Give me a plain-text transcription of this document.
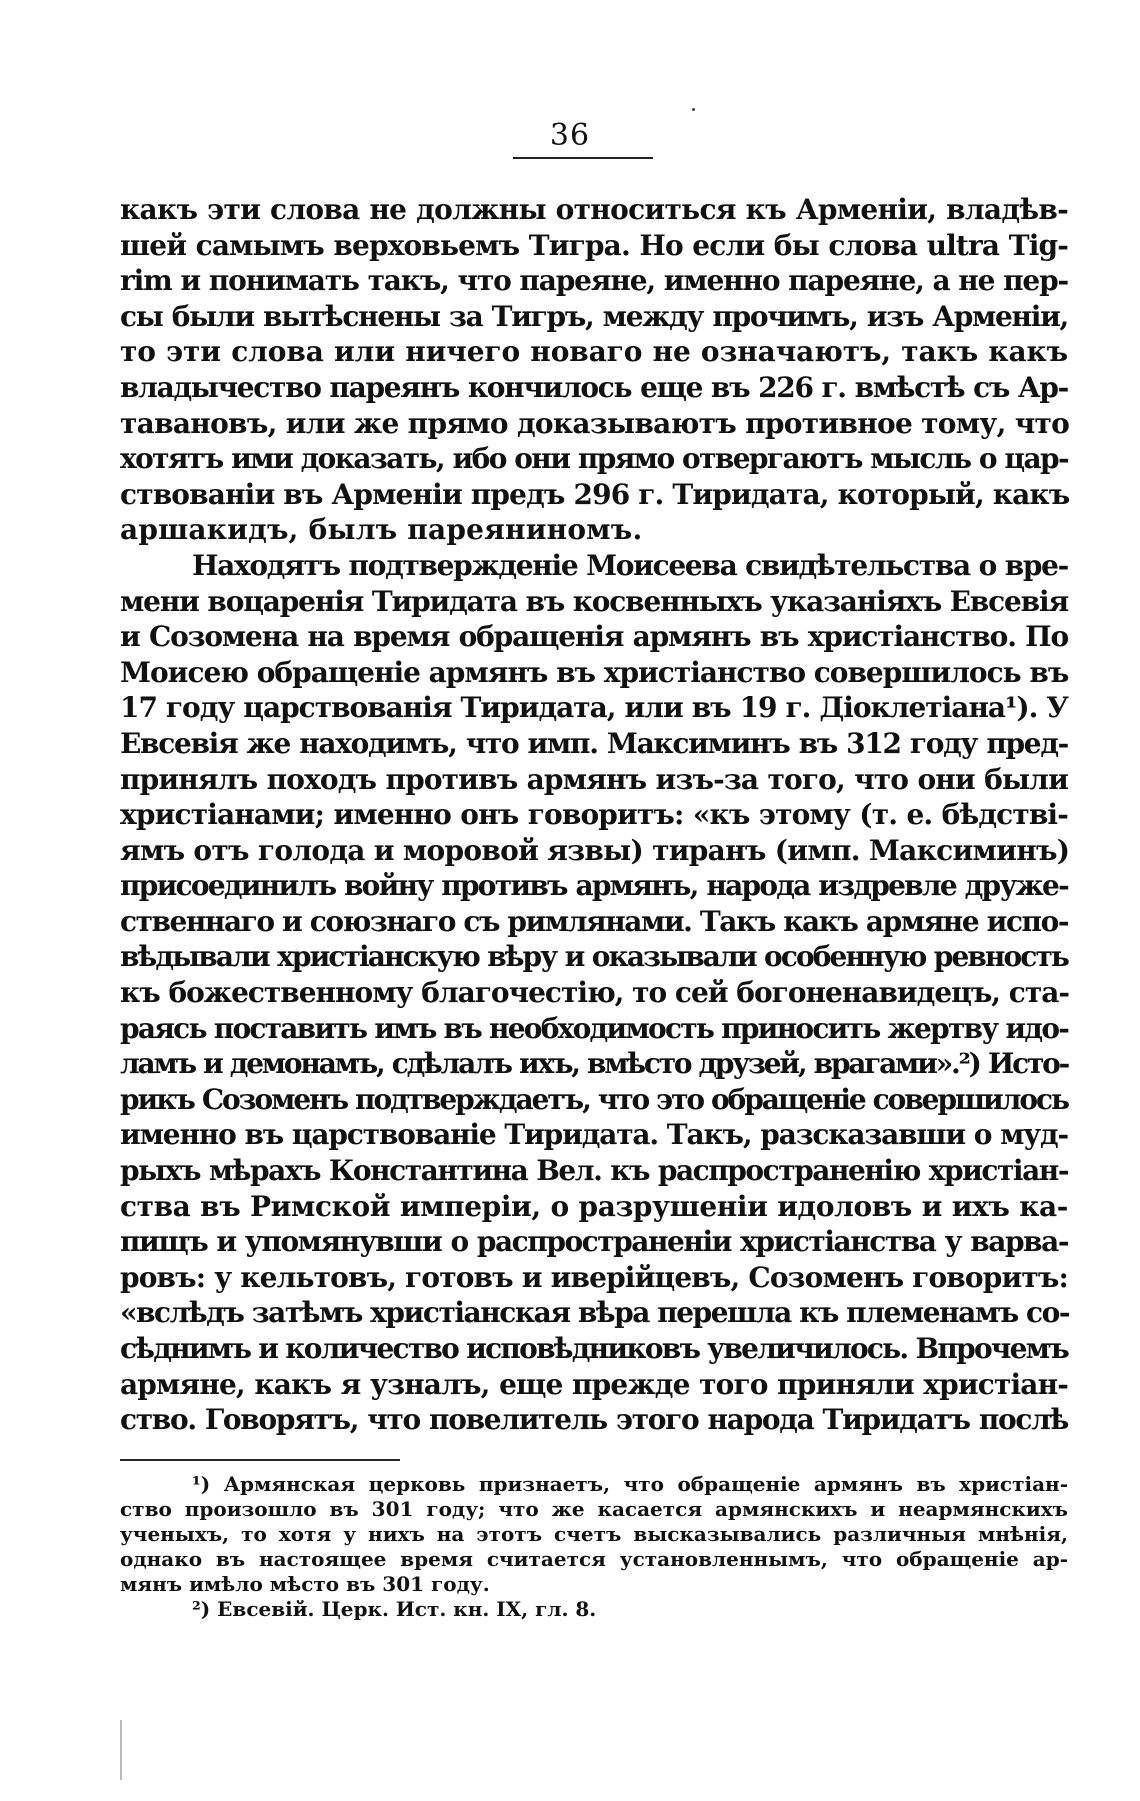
36
какъ эти слова не должны относиться къ Арменіи, владѣв-
шей самымъ верховьемъ Тигра. Но если бы слова ultra Tig-
rim и понимать такъ, что пареяне, именно пареяне, а не пер-
сы были вытѣснены за Тигръ, между прочимъ, изъ Арменіи,
то эти слова или ничего новаго не означаютъ, такъ какъ
владычество пареянъ кончилось еще въ 226 г. вмѣстѣ съ Ар-
тавановъ, или же прямо доказываютъ противное тому, что
хотятъ ими доказать, ибо они прямо отвергаютъ мысль о цар-
ствованіи въ Арменіи предъ 296 г. Тиридата, который, какъ
аршакидъ, былъ пареяниномъ.
Находятъ подтвержденіе Моисеева свидѣтельства о вре-
мени воцаренія Тиридата въ косвенныхъ указаніяхъ Евсевія
и Созомена на время обращенія армянъ въ христіанство. По
Моисею обращеніе армянъ въ христіанство совершилось въ
17 году царствованія Тиридата, или въ 19 г. Діоклетіана¹). У
Евсевія же находимъ, что имп. Максиминъ въ 312 году пред-
принялъ походъ противъ армянъ изъ-за того, что они были
христіанами; именно онъ говоритъ: «къ этому (т. е. бѣдстві-
ямъ отъ голода и моровой язвы) тиранъ (имп. Максиминъ)
присоединилъ войну противъ армянъ, народа издревле друже-
ственнаго и союзнаго съ римлянами. Такъ какъ армяне испо-
вѣдывали христіанскую вѣру и оказывали особенную ревность
къ божественному благочестію, то сей богоненавидецъ, ста-
раясь поставить имъ въ необходимость приносить жертву идо-
ламъ и демонамъ, сдѣлалъ ихъ, вмѣсто друзей, врагами».²) Исто-
рикъ Созоменъ подтверждаетъ, что это обращеніе совершилось
именно въ царствованіе Тиридата. Такъ, разсказавши о муд-
рыхъ мѣрахъ Константина Вел. къ распространенію христіан-
ства въ Римской имперіи, о разрушеніи идоловъ и ихъ ка-
пищъ и упомянувши о распространеніи христіанства у варва-
ровъ: у кельтовъ, готовъ и иверійцевъ, Созоменъ говоритъ:
«вслѣдъ затѣмъ христіанская вѣра перешла къ племенамъ со-
сѣднимъ и количество исповѣдниковъ увеличилось. Впрочемъ
армяне, какъ я узналъ, еще прежде того приняли христіан-
ство. Говорятъ, что повелитель этого народа Тиридатъ послѣ
¹) Армянская церковь признаетъ, что обращеніе армянъ въ христіан-
ство произошло въ 301 году; что же касается армянскихъ и неармянскихъ
ученыхъ, то хотя у нихъ на этотъ счетъ высказывались различныя мнѣнія,
однако въ настоящее время считается установленнымъ, что обращеніе ар-
мянъ имѣло мѣсто въ 301 году.
²) Евсевій. Церк. Ист. кн. IX, гл. 8.
